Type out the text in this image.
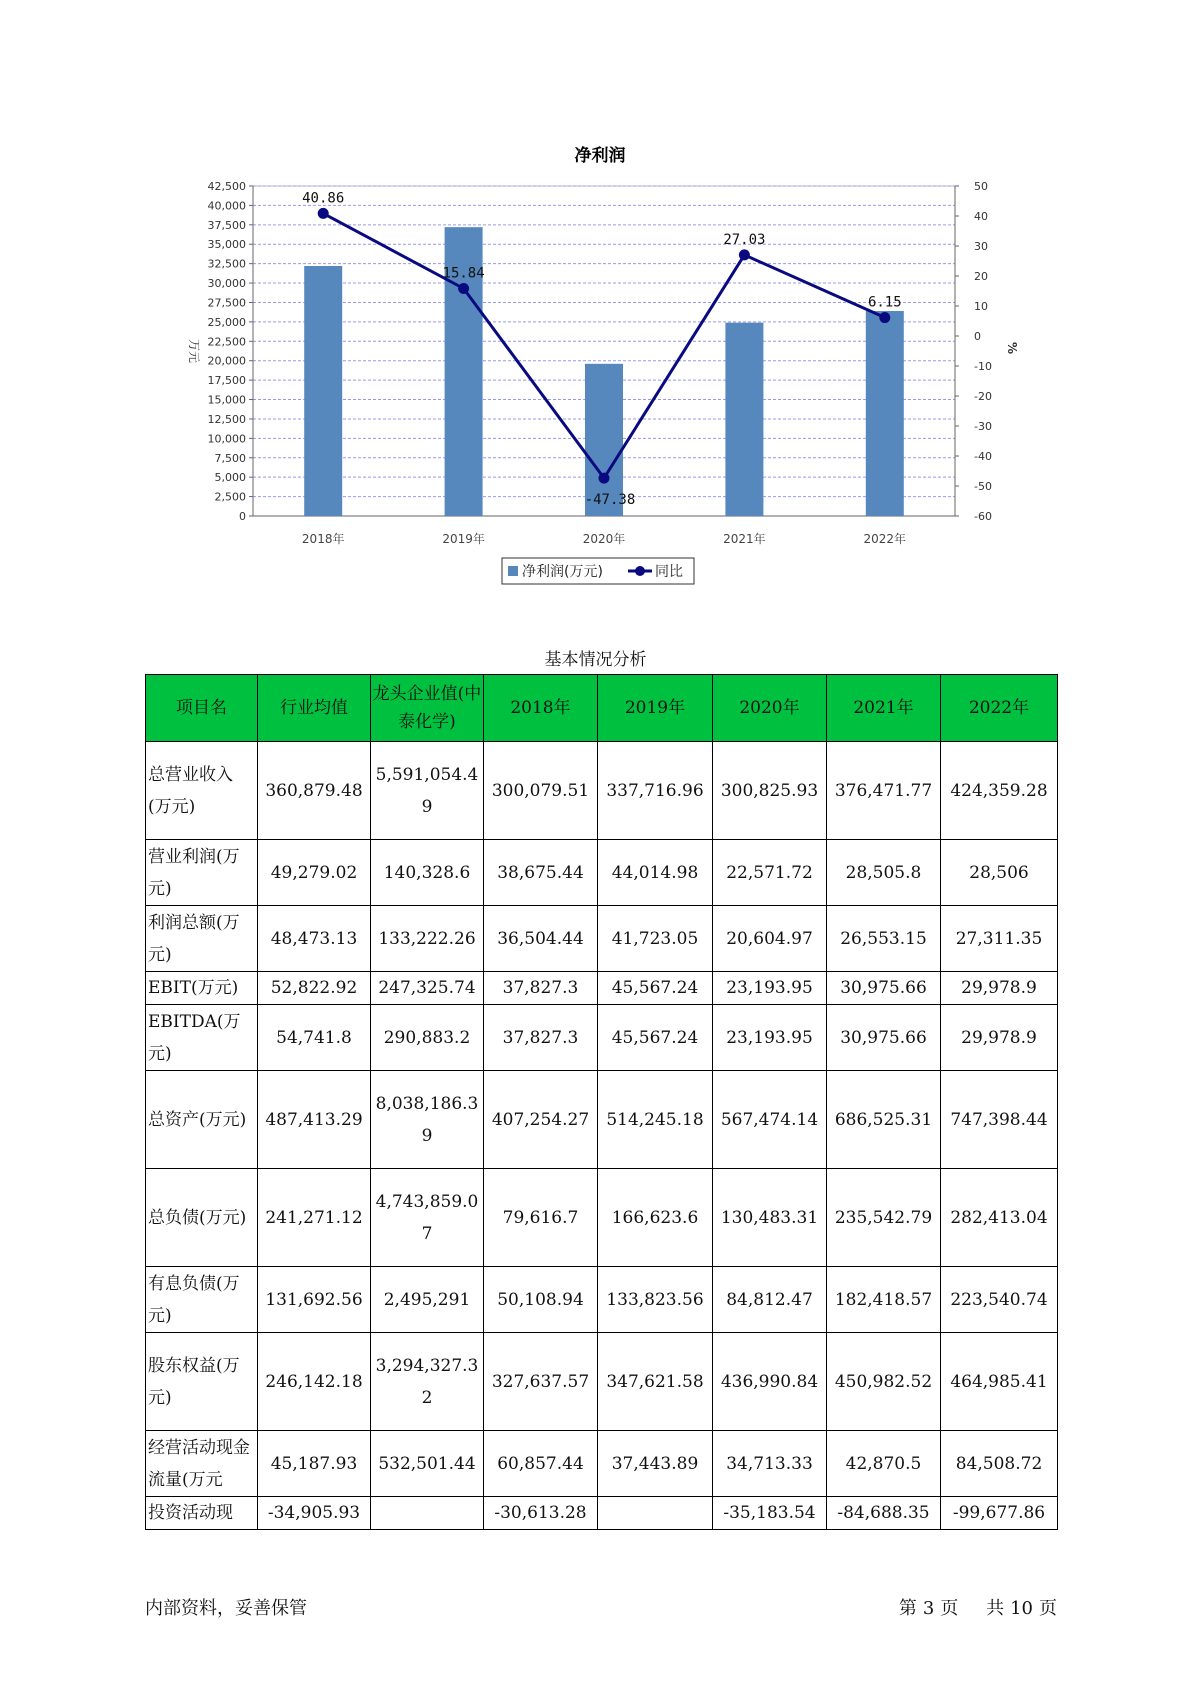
净利润
0
2,500
5,000
7,500
10,000
12,500
15,000
17,500
20,000
22,500
25,000
27,500
30,000
32,500
35,000
37,500
40,000
42,500
-60
-50
-40
-30
-20
-10
0
10
20
30
40
50
万元	%
2018年	2019年	2020年	2021年	2022年
40.86
15.84
-47.38
27.03
6.15
净利润(万元)	同比
基本情况分析
项目名	行业均值	龙头企业值(中泰化学)	2018年	2019年	2020年	2021年	2022年
总营业收入(万元)	360,879.48	5,591,054.49	300,079.51	337,716.96	300,825.93	376,471.77	424,359.28
营业利润(万元)	49,279.02	140,328.6	38,675.44	44,014.98	22,571.72	28,505.8	28,506
利润总额(万元)	48,473.13	133,222.26	36,504.44	41,723.05	20,604.97	26,553.15	27,311.35
EBIT(万元)	52,822.92	247,325.74	37,827.3	45,567.24	23,193.95	30,975.66	29,978.9
EBITDA(万元)	54,741.8	290,883.2	37,827.3	45,567.24	23,193.95	30,975.66	29,978.9
总资产(万元)	487,413.29	8,038,186.39	407,254.27	514,245.18	567,474.14	686,525.31	747,398.44
总负债(万元)	241,271.12	4,743,859.07	79,616.7	166,623.6	130,483.31	235,542.79	282,413.04
有息负债(万元)	131,692.56	2,495,291	50,108.94	133,823.56	84,812.47	182,418.57	223,540.74
股东权益(万元)	246,142.18	3,294,327.32	327,637.57	347,621.58	436,990.84	450,982.52	464,985.41
经营活动现金流量(万元	45,187.93	532,501.44	60,857.44	37,443.89	34,713.33	42,870.5	84,508.72
投资活动现	-34,905.93		-30,613.28		-35,183.54	-84,688.35	-99,677.86
内部资料，妥善保管	第 3 页 共 10 页
